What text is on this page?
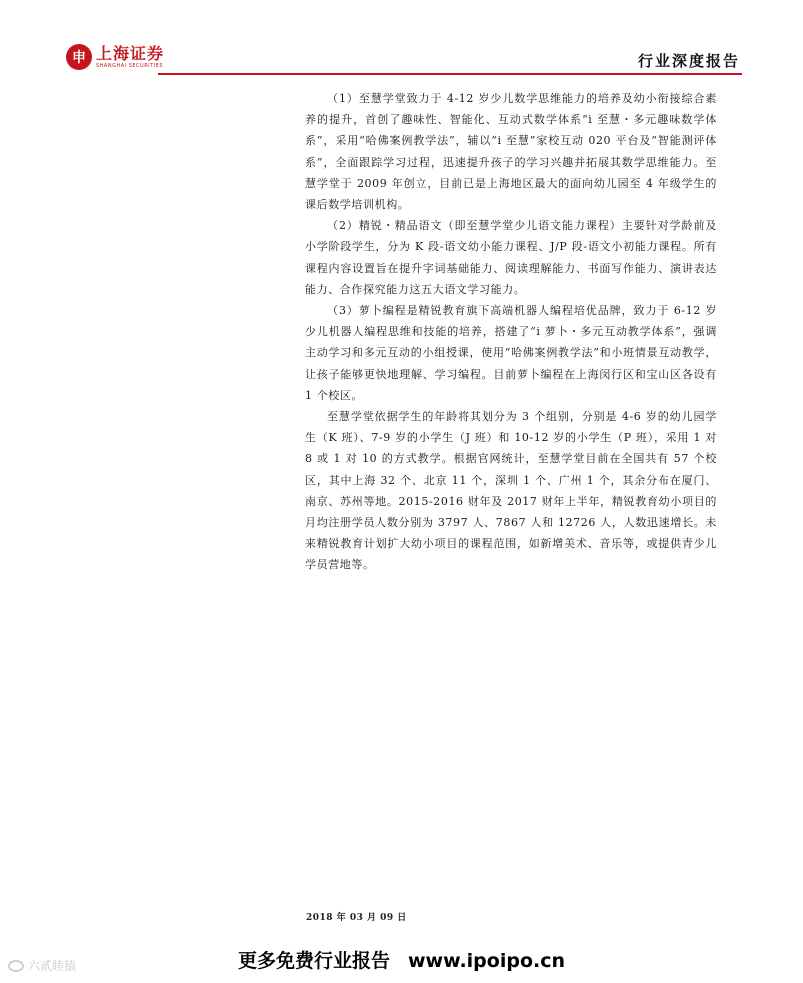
申 上海证券
SHANGHAI SECURITIES	行业深度报告

（1）至慧学堂致力于 4-12 岁少儿数学思维能力的培养及幼小衔接综合素养的提升，首创了趣味性、智能化、互动式数学体系“i 至慧・多元趣味数学体系”，采用“哈佛案例教学法”，辅以“i 至慧”家校互动 020 平台及“智能测评体系”，全面跟踪学习过程，迅速提升孩子的学习兴趣并拓展其数学思维能力。至慧学堂于 2009 年创立，目前已是上海地区最大的面向幼儿园至 4 年级学生的课后数学培训机构。

（2）精锐・精品语文（即至慧学堂少儿语文能力课程）主要针对学龄前及小学阶段学生，分为 K 段-语文幼小能力课程、J/P 段-语文小初能力课程。所有课程内容设置旨在提升字词基础能力、阅读理解能力、书面写作能力、演讲表达能力、合作探究能力这五大语文学习能力。

（3）萝卜编程是精锐教育旗下高端机器人编程培优品牌，致力于 6-12 岁少儿机器人编程思维和技能的培养，搭建了“i 萝卜・多元互动教学体系”，强调主动学习和多元互动的小组授课，使用“哈佛案例教学法”和小班情景互动教学，让孩子能够更快地理解、学习编程。目前萝卜编程在上海闵行区和宝山区各设有 1 个校区。

至慧学堂依据学生的年龄将其划分为 3 个组别，分别是 4-6 岁的幼儿园学生（K 班）、7-9 岁的小学生（J 班）和 10-12 岁的小学生（P 班），采用 1 对 8 或 1 对 10 的方式教学。根据官网统计，至慧学堂目前在全国共有 57 个校区，其中上海 32 个、北京 11 个，深圳 1 个、广州 1 个，其余分布在厦门、南京、苏州等地。2015-2016 财年及 2017 财年上半年，精锐教育幼小项目的月均注册学员人数分别为 3797 人、7867 人和 12726 人，人数迅速增长。未来精锐教育计划扩大幼小项目的课程范围，如新增美术、音乐等，或提供青少儿学员营地等。

2018 年 03 月 09 日
更多免费行业报告 www.ipoipo.cn
六贰睦猿
